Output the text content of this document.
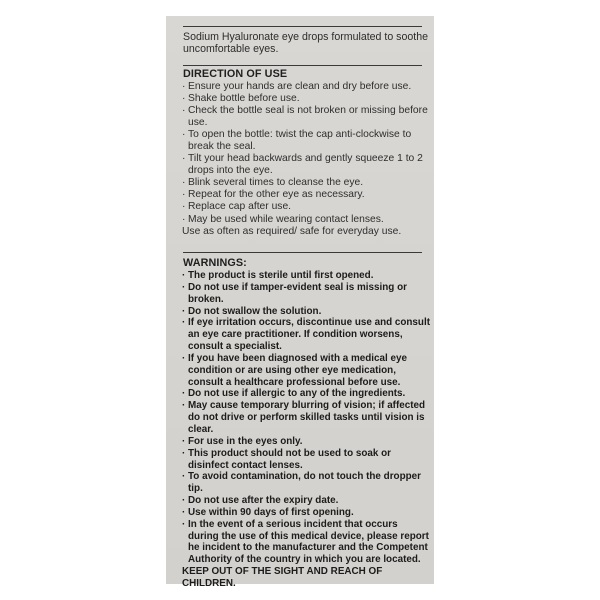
Sodium Hyaluronate eye drops formulated to soothe uncomfortable eyes.
DIRECTION OF USE
· Ensure your hands are clean and dry before use.
· Shake bottle before use.
· Check the bottle seal is not broken or missing before use.
· To open the bottle: twist the cap anti-clockwise to break the seal.
· Tilt your head backwards and gently squeeze 1 to 2 drops into the eye.
· Blink several times to cleanse the eye.
· Repeat for the other eye as necessary.
· Replace cap after use.
· May be used while wearing contact lenses.
Use as often as required/ safe for everyday use.
WARNINGS:
· The product is sterile until first opened.
· Do not use if tamper-evident seal is missing or broken.
· Do not swallow the solution.
· If eye irritation occurs, discontinue use and consult an eye care practitioner. If condition worsens, consult a specialist.
· If you have been diagnosed with a medical eye condition or are using other eye medication, consult a healthcare professional before use.
· Do not use if allergic to any of the ingredients.
· May cause temporary blurring of vision; if affected do not drive or perform skilled tasks until vision is clear.
· For use in the eyes only.
· This product should not be used to soak or disinfect contact lenses.
· To avoid contamination, do not touch the dropper tip.
· Do not use after the expiry date.
· Use within 90 days of first opening.
· In the event of a serious incident that occurs during the use of this medical device, please report he incident to the manufacturer and the Competent Authority of the country in which you are located.
KEEP OUT OF THE SIGHT AND REACH OF CHILDREN.
